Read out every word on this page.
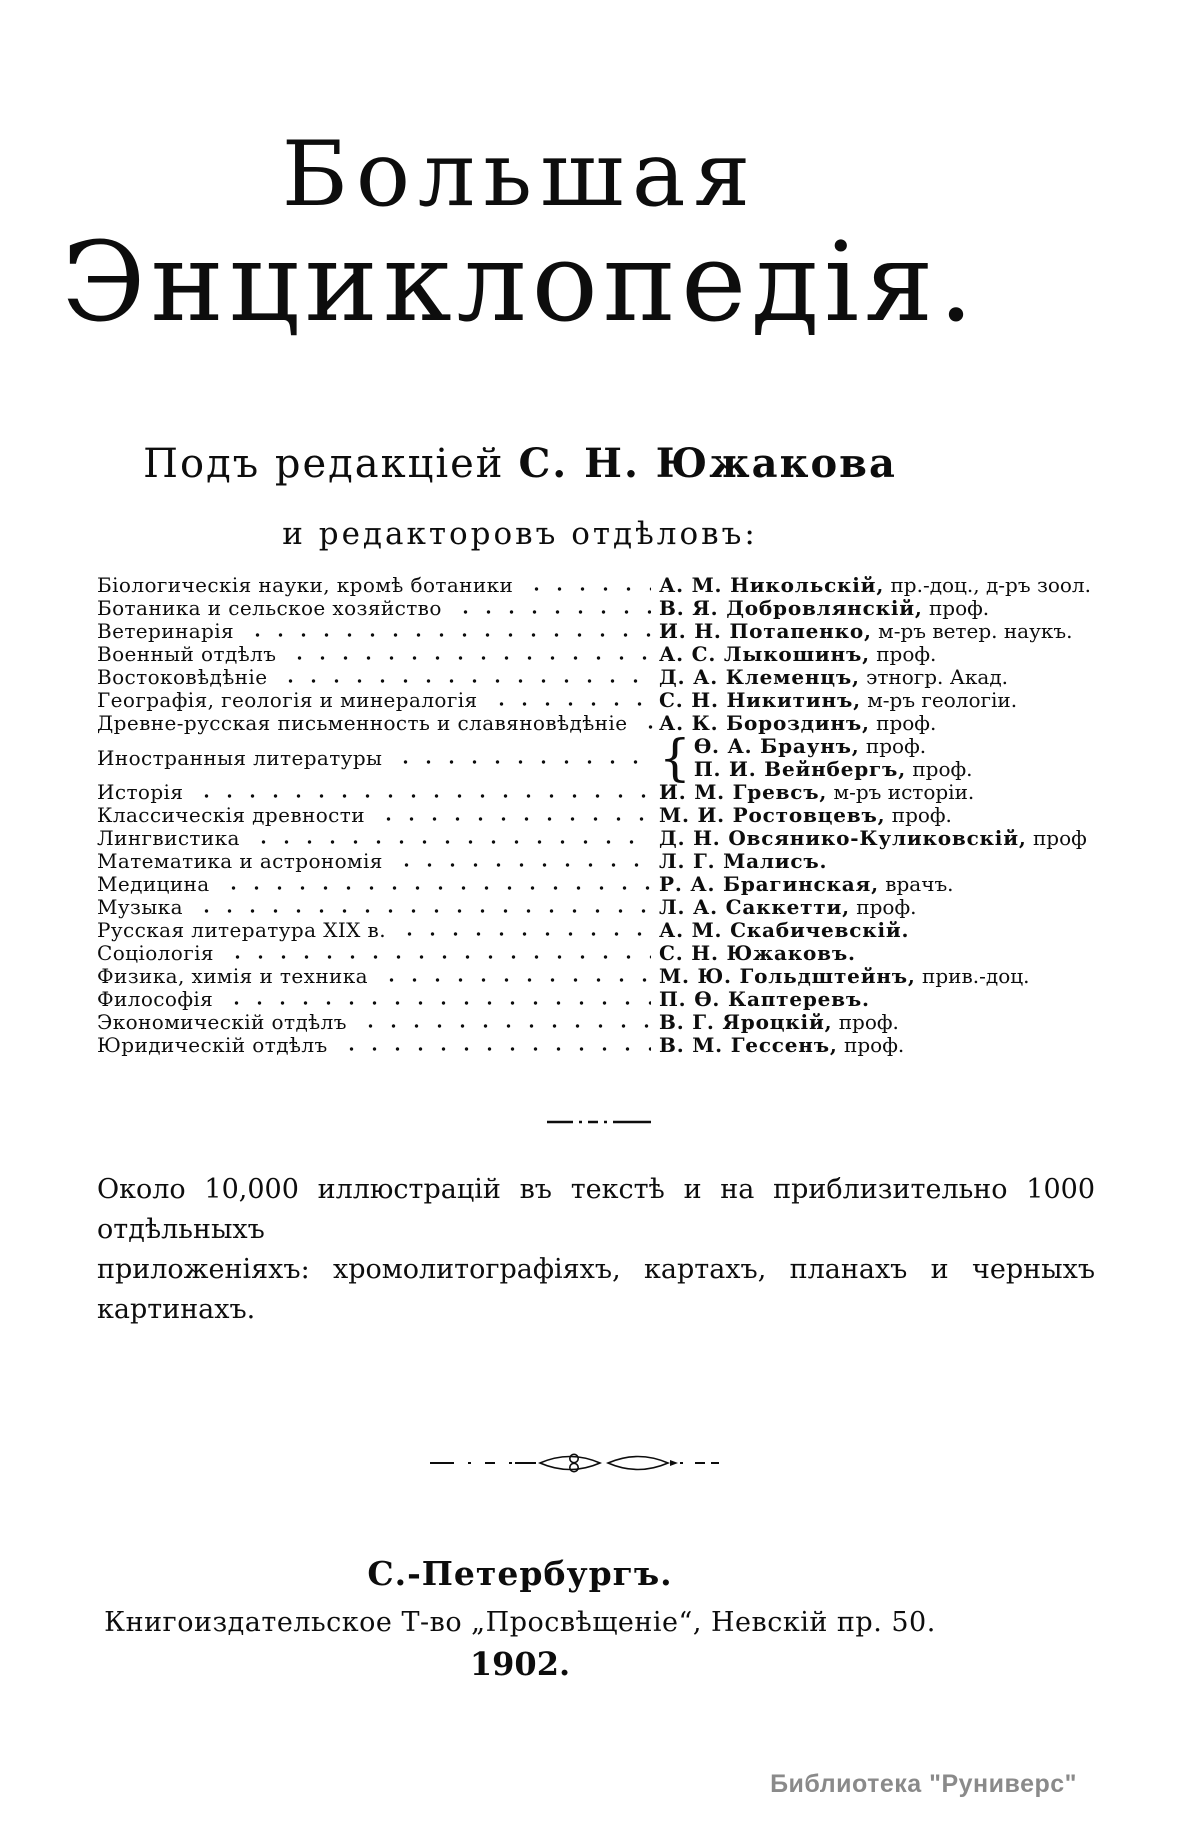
Большая
Энциклопедія.
Подъ редакціей С. Н. Южакова
и редакторовъ отдѣловъ:
Біологическія науки, кромѣ ботаники	А. М. Никольскій, пр.-доц., д-ръ зоол.
Ботаника и сельское хозяйство	В. Я. Добровлянскій, проф.
Ветеринарія	И. Н. Потапенко, м-ръ ветер. наукъ.
Военный отдѣлъ	А. С. Лыкошинъ, проф.
Востоковѣдѣніе	Д. А. Клеменцъ, этногр. Акад.
Географія, геологія и минералогія	С. Н. Никитинъ, м-ръ геологіи.
Древне-русская письменность и славяновѣдѣніе А. К. Бороздинъ, проф.
Иностранныя литературы	{ Ѳ. А. Браунъ, проф.
П. И. Вейнбергъ, проф.
Исторія	И. М. Гревсъ, м-ръ исторіи.
Классическія древности	М. И. Ростовцевъ, проф.
Лингвистика	Д. Н. Овсянико-Куликовскій, проф
Математика и астрономія	Л. Г. Малисъ.
Медицина	Р. А. Брагинская, врачъ.
Музыка	Л. А. Саккетти, проф.
Русская литература XIX в.	А. М. Скабичевскій.
Соціологія	С. Н. Южаковъ.
Физика, химія и техника	М. Ю. Гольдштейнъ, прив.-доц.
Философія	П. Ѳ. Каптеревъ.
Экономическій отдѣлъ	В. Г. Яроцкій, проф.
Юридическій отдѣлъ	В. М. Гессенъ, проф.
Около 10,000 иллюстрацій въ текстѣ и на приблизительно 1000 отдѣльныхъ
приложеніяхъ: хромолитографіяхъ, картахъ, планахъ и черныхъ картинахъ.
С.-Петербургъ.
Книгоиздательское Т-во „Просвѣщеніе“, Невскій пр. 50.
1902.
Библиотека "Руниверс"
